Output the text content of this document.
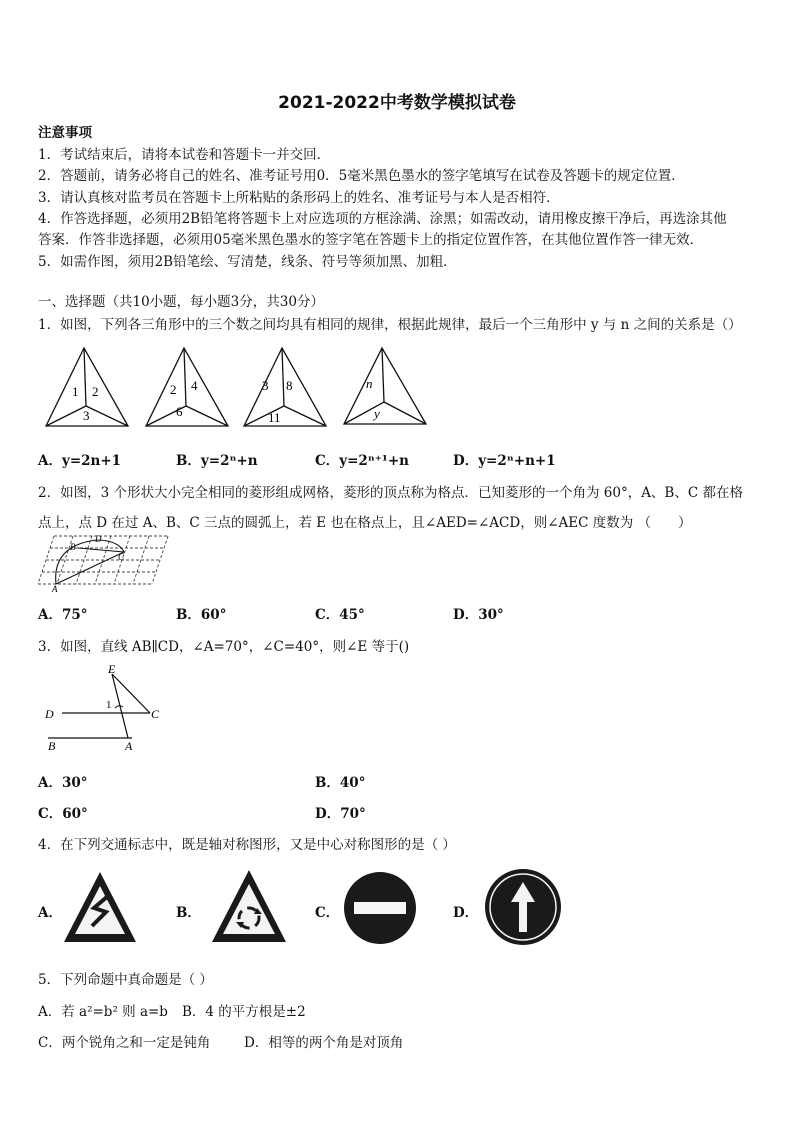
2021-2022中考数学模拟试卷
注意事项
1．考试结束后，请将本试卷和答题卡一并交回．
2．答题前，请务必将自己的姓名、准考证号用0．5毫米黑色墨水的签字笔填写在试卷及答题卡的规定位置．
3．请认真核对监考员在答题卡上所粘贴的条形码上的姓名、准考证号与本人是否相符．
4．作答选择题，必须用2B铅笔将答题卡上对应选项的方框涂满、涂黑；如需改动，请用橡皮擦干净后，再选涂其他
答案．作答非选择题，必须用05毫米黑色墨水的签字笔在答题卡上的指定位置作答，在其他位置作答一律无效．
5．如需作图，须用2B铅笔绘、写清楚，线条、符号等须加黑、加粗．
一、选择题（共10小题，每小题3分，共30分）
1．如图，下列各三角形中的三个数之间均具有相同的规律，根据此规律，最后一个三角形中 y 与 n 之间的关系是（）
1 2
3
2 4
6
3 8
11
n
y
A．y=2n+1	B．y=2ⁿ+n	C．y=2ⁿ⁺¹+n	D．y=2ⁿ+n+1
2．如图，3 个形状大小完全相同的菱形组成网格，菱形的顶点称为格点．已知菱形的一个角为 60°，A、B、C 都在格
点上，点 D 在过 A、B、C 三点的圆弧上，若 E 也在格点上，且∠AED=∠ACD，则∠AEC 度数为 （　　）
B
D
C
A
A．75°	B．60°	C．45°	D．30°
3．如图，直线 AB∥CD，∠A=70°，∠C=40°，则∠E 等于()
E
D	C
B	A
1
A．30°	B．40°
C．60°	D．70°
4．在下列交通标志中，既是轴对称图形，又是中心对称图形的是（ ）
A．	B．	C．	D．
5．下列命题中真命题是（ ）
A．若 a²=b² 则 a=b B．4 的平方根是±2
C．两个锐角之和一定是钝角 D．相等的两个角是对顶角
